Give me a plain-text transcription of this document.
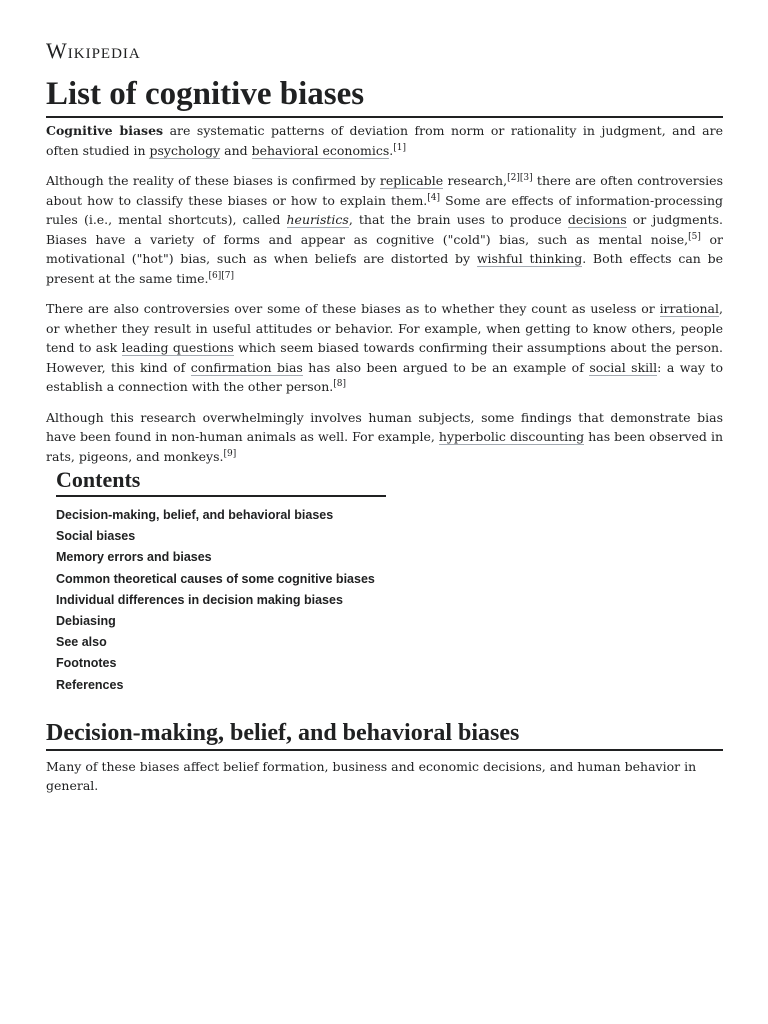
Wikipedia
List of cognitive biases

Cognitive biases are systematic patterns of deviation from norm or rationality in judgment, and are often studied in psychology and behavioral economics.[1]

Although the reality of these biases is confirmed by replicable research,[2][3] there are often controversies about how to classify these biases or how to explain them.[4] Some are effects of information-processing rules (i.e., mental shortcuts), called heuristics, that the brain uses to produce decisions or judgments. Biases have a variety of forms and appear as cognitive ("cold") bias, such as mental noise,[5] or motivational ("hot") bias, such as when beliefs are distorted by wishful thinking. Both effects can be present at the same time.[6][7]

There are also controversies over some of these biases as to whether they count as useless or irrational, or whether they result in useful attitudes or behavior. For example, when getting to know others, people tend to ask leading questions which seem biased towards confirming their assumptions about the person. However, this kind of confirmation bias has also been argued to be an example of social skill: a way to establish a connection with the other person.[8]

Although this research overwhelmingly involves human subjects, some findings that demonstrate bias have been found in non-human animals as well. For example, hyperbolic discounting has been observed in rats, pigeons, and monkeys.[9]

Contents
Decision-making, belief, and behavioral biases
Social biases
Memory errors and biases
Common theoretical causes of some cognitive biases
Individual differences in decision making biases
Debiasing
See also
Footnotes
References
Decision-making, belief, and behavioral biases

Many of these biases affect belief formation, business and economic decisions, and human behavior in general.
